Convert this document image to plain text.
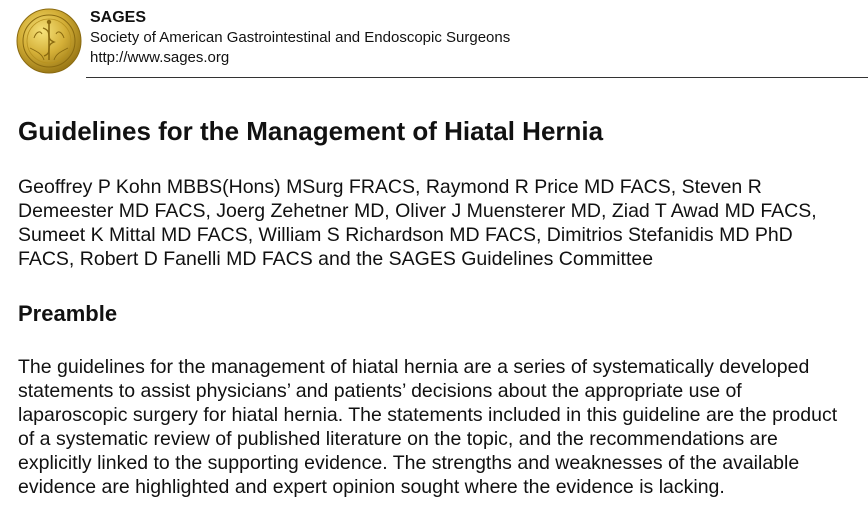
SAGES
Society of American Gastrointestinal and Endoscopic Surgeons
http://www.sages.org
Guidelines for the Management of Hiatal Hernia

Geoffrey P Kohn MBBS(Hons) MSurg FRACS, Raymond R Price MD FACS, Steven R
Demeester MD FACS, Joerg Zehetner MD, Oliver J Muensterer MD, Ziad T Awad MD FACS,
Sumeet K Mittal MD FACS, William S Richardson MD FACS, Dimitrios Stefanidis MD PhD
FACS, Robert D Fanelli MD FACS and the SAGES Guidelines Committee

Preamble

The guidelines for the management of hiatal hernia are a series of systematically developed
statements to assist physicians’ and patients’ decisions about the appropriate use of
laparoscopic surgery for hiatal hernia. The statements included in this guideline are the product
of a systematic review of published literature on the topic, and the recommendations are
explicitly linked to the supporting evidence. The strengths and weaknesses of the available
evidence are highlighted and expert opinion sought where the evidence is lacking.
